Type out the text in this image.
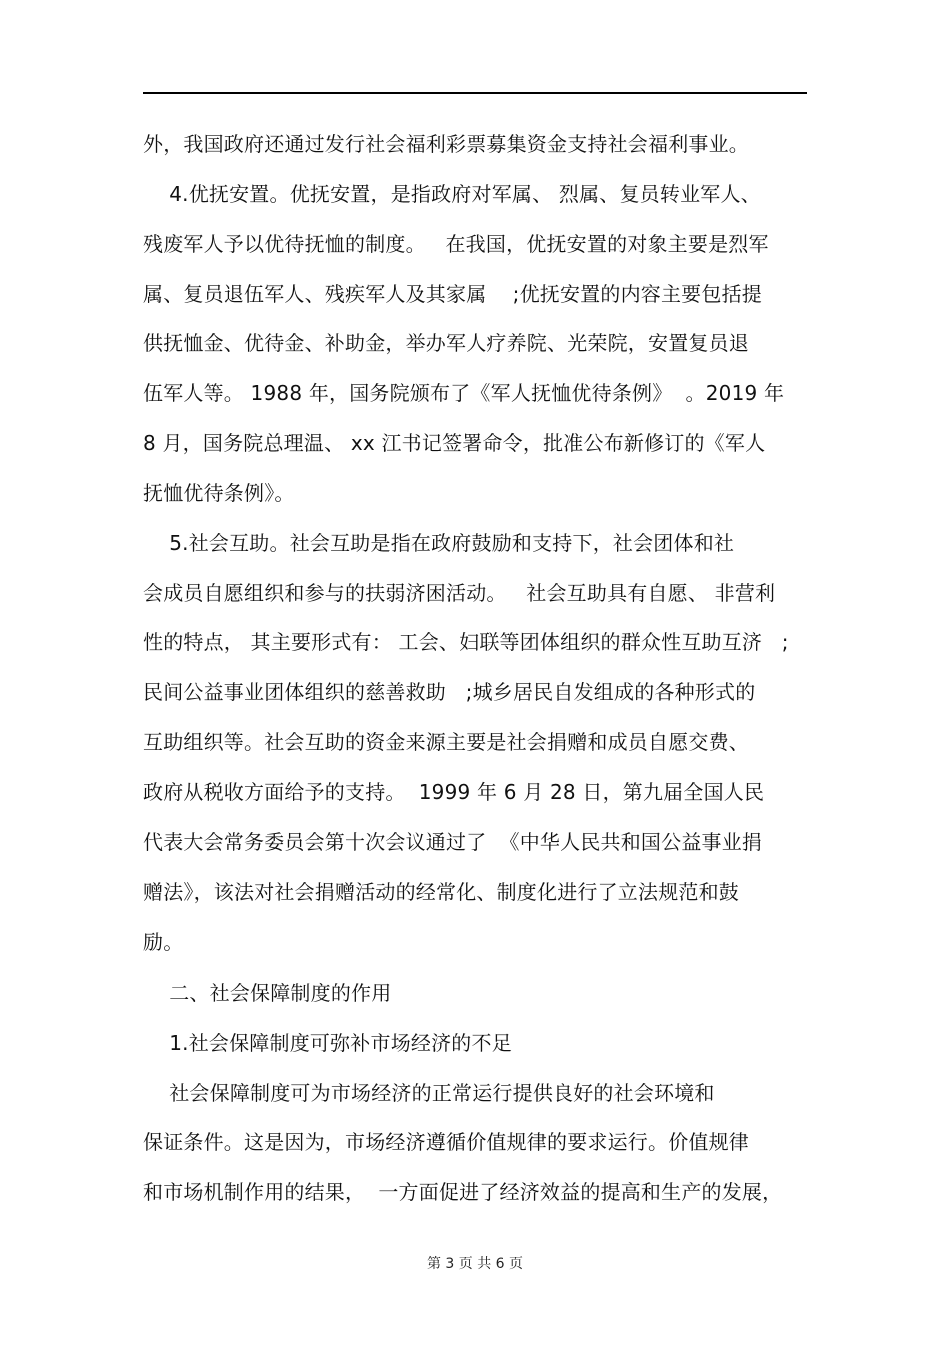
外，我国政府还通过发行社会福利彩票募集资金支持社会福利事业。
4.优抚安置。优抚安置，是指政府对军属、 烈属、复员转业军人、
残废军人予以优待抚恤的制度。   在我国，优抚安置的对象主要是烈军
属、复员退伍军人、残疾军人及其家属    ;优抚安置的内容主要包括提
供抚恤金、优待金、补助金，举办军人疗养院、光荣院，安置复员退
伍军人等。 1988 年，国务院颁布了《军人抚恤优待条例》  。2019 年
8 月，国务院总理温、 xx 江书记签署命令，批准公布新修订的《军人
抚恤优待条例》。
5.社会互助。社会互助是指在政府鼓励和支持下，社会团体和社
会成员自愿组织和参与的扶弱济困活动。   社会互助具有自愿、 非营利
性的特点， 其主要形式有： 工会、妇联等团体组织的群众性互助互济   ;
民间公益事业团体组织的慈善救助   ;城乡居民自发组成的各种形式的
互助组织等。社会互助的资金来源主要是社会捐赠和成员自愿交费、
政府从税收方面给予的支持。  1999 年 6 月 28 日，第九届全国人民
代表大会常务委员会第十次会议通过了  《中华人民共和国公益事业捐
赠法》，该法对社会捐赠活动的经常化、制度化进行了立法规范和鼓
励。
二、社会保障制度的作用
1.社会保障制度可弥补市场经济的不足
社会保障制度可为市场经济的正常运行提供良好的社会环境和
保证条件。这是因为，市场经济遵循价值规律的要求运行。价值规律
和市场机制作用的结果，  一方面促进了经济效益的提高和生产的发展，
第 3 页 共 6 页
